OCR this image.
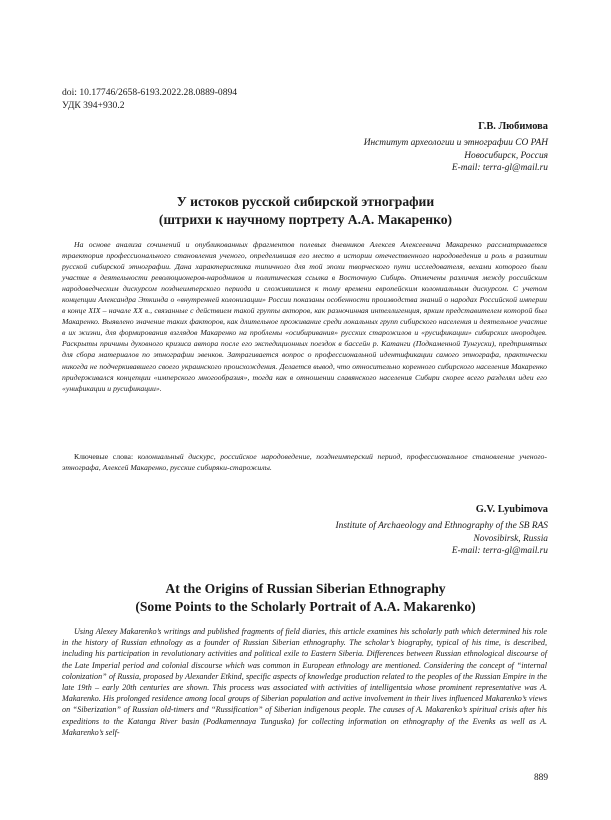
doi: 10.17746/2658-6193.2022.28.0889-0894
УДК 394+930.2
Г.В. Любимова
Институт археологии и этнографии СО РАН
Новосибирск, Россия
E-mail: terra-gl@mail.ru
У истоков русской сибирской этнографии
(штрихи к научному портрету А.А. Макаренко)

На основе анализа сочинений и опубликованных фрагментов полевых дневников Алексея Алексеевича Макаренко рассматривается траектория профессионального становления ученого, определившая его место в истории отечественного народоведения и роль в развитии русской сибирской этнографии. Дана характеристика типичного для той эпохи творческого пути исследователя, вехами которого были участие в деятельности революционеров-народников и политическая ссылка в Восточную Сибирь. Отмечены различия между российским народоведческим дискурсом позднеимперского периода и сложившимся к тому времени европейским колониальным дискурсом. С учетом концепции Александра Эткинда о «внутренней колонизации» России показаны особенности производства знаний о народах Российской империи в конце XIX – начале XX в., связанные с действием такой группы акторов, как разночинная интеллигенция, ярким представителем которой был Макаренко. Выявлено значение таких факторов, как длительное проживание среди локальных групп сибирского населения и деятельное участие в их жизни, для формирования взглядов Макаренко на проблемы «осибиривания» русских старожилов и «русификации» сибирских инородцев. Раскрыты причины духовного кризиса автора после его экспедиционных поездок в бассейн р. Катанги (Подкаменной Тунгуски), предпринятых для сбора материалов по этнографии эвенков. Затрагивается вопрос о профессиональной идентификации самого этнографа, практически никогда не подчеркивавшего своего украинского происхождения. Делается вывод, что относительно коренного сибирского населения Макаренко придерживался концепции «имперского многообразия», тогда как в отношении славянского населения Сибири скорее всего разделял идеи его «унификации и русификации».

Ключевые слова: колониальный дискурс, российское народоведение, позднеимперский период, профессиональное становление ученого-этнографа, Алексей Макаренко, русские сибиряки-старожилы.

G.V. Lyubimova
Institute of Archaeology and Ethnography of the SB RAS
Novosibirsk, Russia
E-mail: terra-gl@mail.ru
At the Origins of Russian Siberian Ethnography
(Some Points to the Scholarly Portrait of A.A. Makarenko)

Using Alexey Makarenko’s writings and published fragments of field diaries, this article examines his scholarly path which determined his role in the history of Russian ethnology as a founder of Russian Siberian ethnography. The scholar’s biography, typical of his time, is described, including his participation in revolutionary activities and political exile to Eastern Siberia. Differences between Russian ethnological discourse of the Late Imperial period and colonial discourse which was common in European ethnology are mentioned. Considering the concept of “internal colonization” of Russia, proposed by Alexander Etkind, specific aspects of knowledge production related to the peoples of the Russian Empire in the late 19th – early 20th centuries are shown. This process was associated with activities of intelligentsia whose prominent representative was A. Makarenko. His prolonged residence among local groups of Siberian population and active involvement in their lives influenced Makarenko’s views on “Siberization” of Russian old-timers and “Russification” of Siberian indigenous people. The causes of A. Makarenko’s spiritual crisis after his expeditions to the Katanga River basin (Podkamennaya Tunguska) for collecting information on ethnography of the Evenks as well as A. Makarenko’s self-

889
